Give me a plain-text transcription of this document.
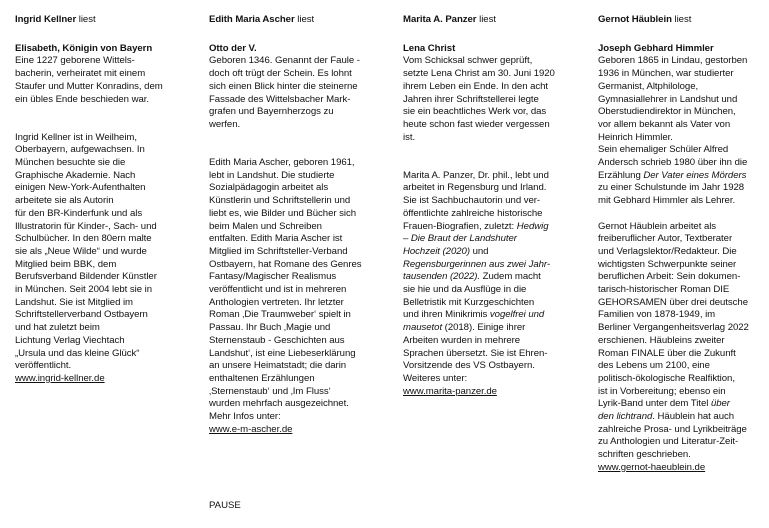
Ingrid Kellner liest

Elisabeth, Königin von Bayern

Eine 1227 geborene Wittels-
bacherin, verheiratet mit einem
Staufer und Mutter Konradins, dem
ein übles Ende beschieden war.
Ingrid Kellner ist in Weilheim,
Oberbayern, aufgewachsen. In
München besuchte sie die
Graphische Akademie. Nach
einigen New-York-Aufenthalten
arbeitete sie als Autorin
für den BR-Kinderfunk und als
Illustratorin für Kinder-, Sach- und
Schulbücher. In den 80ern malte
sie als „Neue Wilde“ und wurde
Mitglied beim BBK, dem
Berufsverband Bildender Künstler
in München. Seit 2004 lebt sie in
Landshut. Sie ist Mitglied im
Schriftstellerverband Ostbayern
und hat zuletzt beim
Lichtung Verlag Viechtach
„Ursula und das kleine Glück“
veröffentlicht.

www.ingrid-kellner.de

Edith Maria Ascher liest

Otto der V.

Geboren 1346. Genannt der Faule -
doch oft trügt der Schein. Es lohnt
sich einen Blick hinter die steinerne
Fassade des Wittelsbacher Mark-
grafen und Bayernherzogs zu
werfen.
Edith Maria Ascher, geboren 1961,
lebt in Landshut. Die studierte
Sozialpädagogin arbeitet als
Künstlerin und Schriftstellerin und
liebt es, wie Bilder und Bücher sich
beim Malen und Schreiben
entfalten. Edith Maria Ascher ist
Mitglied im Schriftsteller-Verband
Ostbayern, hat Romane des Genres
Fantasy/Magischer Realismus
veröffentlicht und ist in mehreren
Anthologien vertreten. Ihr letzter
Roman ‚Die Traumweber‘ spielt in
Passau. Ihr Buch ‚Magie und
Sternenstaub - Geschichten aus
Landshut‘, ist eine Liebeserklärung
an unsere Heimatstadt; die darin
enthaltenen Erzählungen
‚Sternenstaub‘ und ‚Im Fluss‘
wurden mehrfach ausgezeichnet.
Mehr Infos unter:

www.e-m-ascher.de

PAUSE

Marita A. Panzer liest

Lena Christ

Vom Schicksal schwer geprüft,
setzte Lena Christ am 30. Juni 1920
ihrem Leben ein Ende. In den acht
Jahren ihrer Schriftstellerei legte
sie ein beachtliches Werk vor, das
heute schon fast wieder vergessen
ist.
Marita A. Panzer, Dr. phil., lebt und
arbeitet in Regensburg und Irland.
Sie ist Sachbuchautorin und ver-
öffentlichte zahlreiche historische
Frauen-Biografien, zuletzt: Hedwig
– Die Braut der Landshuter
Hochzeit (2020) und
Regensburgerinnen aus zwei Jahr-
tausenden (2022). Zudem macht
sie hie und da Ausflüge in die
Belletristik mit Kurzgeschichten
und ihren Minikrimis vogelfrei und
mausetot (2018). Einige ihrer
Arbeiten wurden in mehrere
Sprachen übersetzt. Sie ist Ehren-
Vorsitzende des VS Ostbayern.
Weiteres unter:

www.marita-panzer.de

Gernot Häublein liest

Joseph Gebhard Himmler

Geboren 1865 in Lindau, gestorben
1936 in München, war studierter
Germanist, Altphilologe,
Gymnasiallehrer in Landshut und
Oberstudiendirektor in München,
vor allem bekannt als Vater von
Heinrich Himmler.
Sein ehemaliger Schüler Alfred
Andersch schrieb 1980 über ihn die
Erzählung Der Vater eines Mörders
zu einer Schulstunde im Jahr 1928
mit Gebhard Himmler als Lehrer.
Gernot Häublein arbeitet als
freiberuflicher Autor, Textberater
und Verlagslektor/Redakteur. Die
wichtigsten Schwerpunkte seiner
beruflichen Arbeit: Sein dokumen-
tarisch-historischer Roman DIE
GEHORSAMEN über drei deutsche
Familien von 1878-1949, im
Berliner Vergangenheitsverlag 2022
erschienen. Häubleins zweiter
Roman FINALE über die Zukunft
des Lebens um 2100, eine
politisch-ökologische Realfiktion,
ist in Vorbereitung; ebenso ein
Lyrik-Band unter dem Titel über
den lichtrand. Häublein hat auch
zahlreiche Prosa- und Lyrikbeiträge
zu Anthologien und Literatur-Zeit-
schriften geschrieben.

www.gernot-haeublein.de
